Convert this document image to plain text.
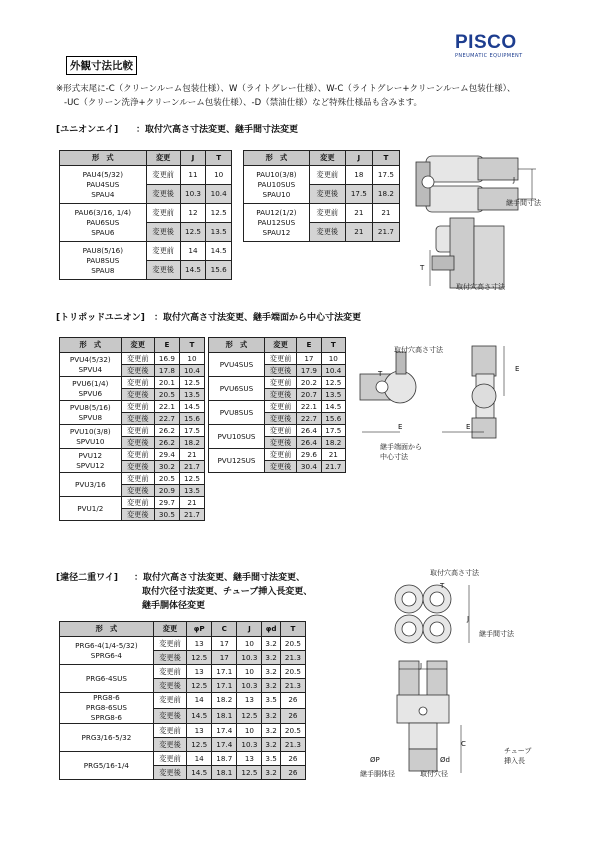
PISCO
PNEUMATIC EQUIPMENT
外観寸法比較
※形式末尾に-C（クリーンルーム包装仕様）、W（ライトグレー仕様）、W-C（ライトグレー+クリーンルーム包装仕様）、
-UC（クリーン洗浄+クリーンルーム包装仕様）、-D（禁油仕様）など特殊仕様品も含みます。
[ユニオンエイ] ：取付穴高さ寸法変更、継手間寸法変更
形　式	変更	J	T

PAU4(5/32)
PAU4SUS
SPAU4	変更前	11	10
	変更後	10.3	10.4

PAU6(3/16, 1/4)
PAU6SUS
SPAU6	変更前	12	12.5
	変更後	12.5	13.5

PAU8(5/16)
PAU8SUS
SPAU8	変更前	14	14.5
	変更後	14.5	15.6
形　式	変更	J	T

PAU10(3/8)
PAU10SUS
SPAU10	変更前	18	17.5
	変更後	17.5	18.2

PAU12(1/2)
PAU12SUS
SPAU12	変更前	21	21
	変更後	21	21.7
J
継手間寸法
T
取付穴高さ寸法
[トリポッドユニオン] ：取付穴高さ寸法変更、継手端面から中心寸法変更
形　式	変更	E	T

PVU4(5/32)
SPVU4	変更前	16.9	10
	変更後	17.8	10.4

PVU6(1/4)
SPVU6	変更前	20.1	12.5
	変更後	20.5	13.5

PVU8(5/16)
SPVU8	変更前	22.1	14.5
	変更後	22.7	15.6

PVU10(3/8)
SPVU10	変更前	26.2	17.5
	変更後	26.2	18.2

PVU12
SPVU12	変更前	29.4	21
	変更後	30.2	21.7

PVU3/16	変更前	20.5	12.5
	変更後	20.9	13.5

PVU1/2	変更前	29.7	21
	変更後	30.5	21.7
形　式	変更	E	T

PVU4SUS	変更前	17	10
	変更後	17.9	10.4

PVU6SUS	変更前	20.2	12.5
	変更後	20.7	13.5

PVU8SUS	変更前	22.1	14.5
	変更後	22.7	15.6

PVU10SUS	変更前	26.4	17.5
	変更後	26.4	18.2

PVU12SUS	変更前	29.6	21
	変更後	30.4	21.7
取付穴高さ寸法
T
E	E
E
継手端面から
中心寸法
[違径二重ワイ] ：取付穴高さ寸法変更、継手間寸法変更、
取付穴径寸法変更、チューブ挿入長変更、
継手胴体径変更
形　式	変更	φP	C	J	φd	T

PRG6-4(1/4-5/32)
SPRG6-4	変更前	13	17	10	3.2	20.5
	変更後	12.5	17	10.3	3.2	21.3

PRG6-4SUS	変更前	13	17.1	10	3.2	20.5
	変更後	12.5	17.1	10.3	3.2	21.3

PRG8-6
PRG8-6SUS
SPRG8-6	変更前	14	18.2	13	3.5	26
	変更後	14.5	18.1	12.5	3.2	26

PRG3/16-5/32	変更前	13	17.4	10	3.2	20.5
	変更後	12.5	17.4	10.3	3.2	21.3

PRG5/16-1/4	変更前	14	18.7	13	3.5	26
	変更後	14.5	18.1	12.5	3.2	26
取付穴高さ寸法
T
J
継手間寸法
J
ØP	Ød
C
継手胴体径	取付穴径
チューブ
挿入長
